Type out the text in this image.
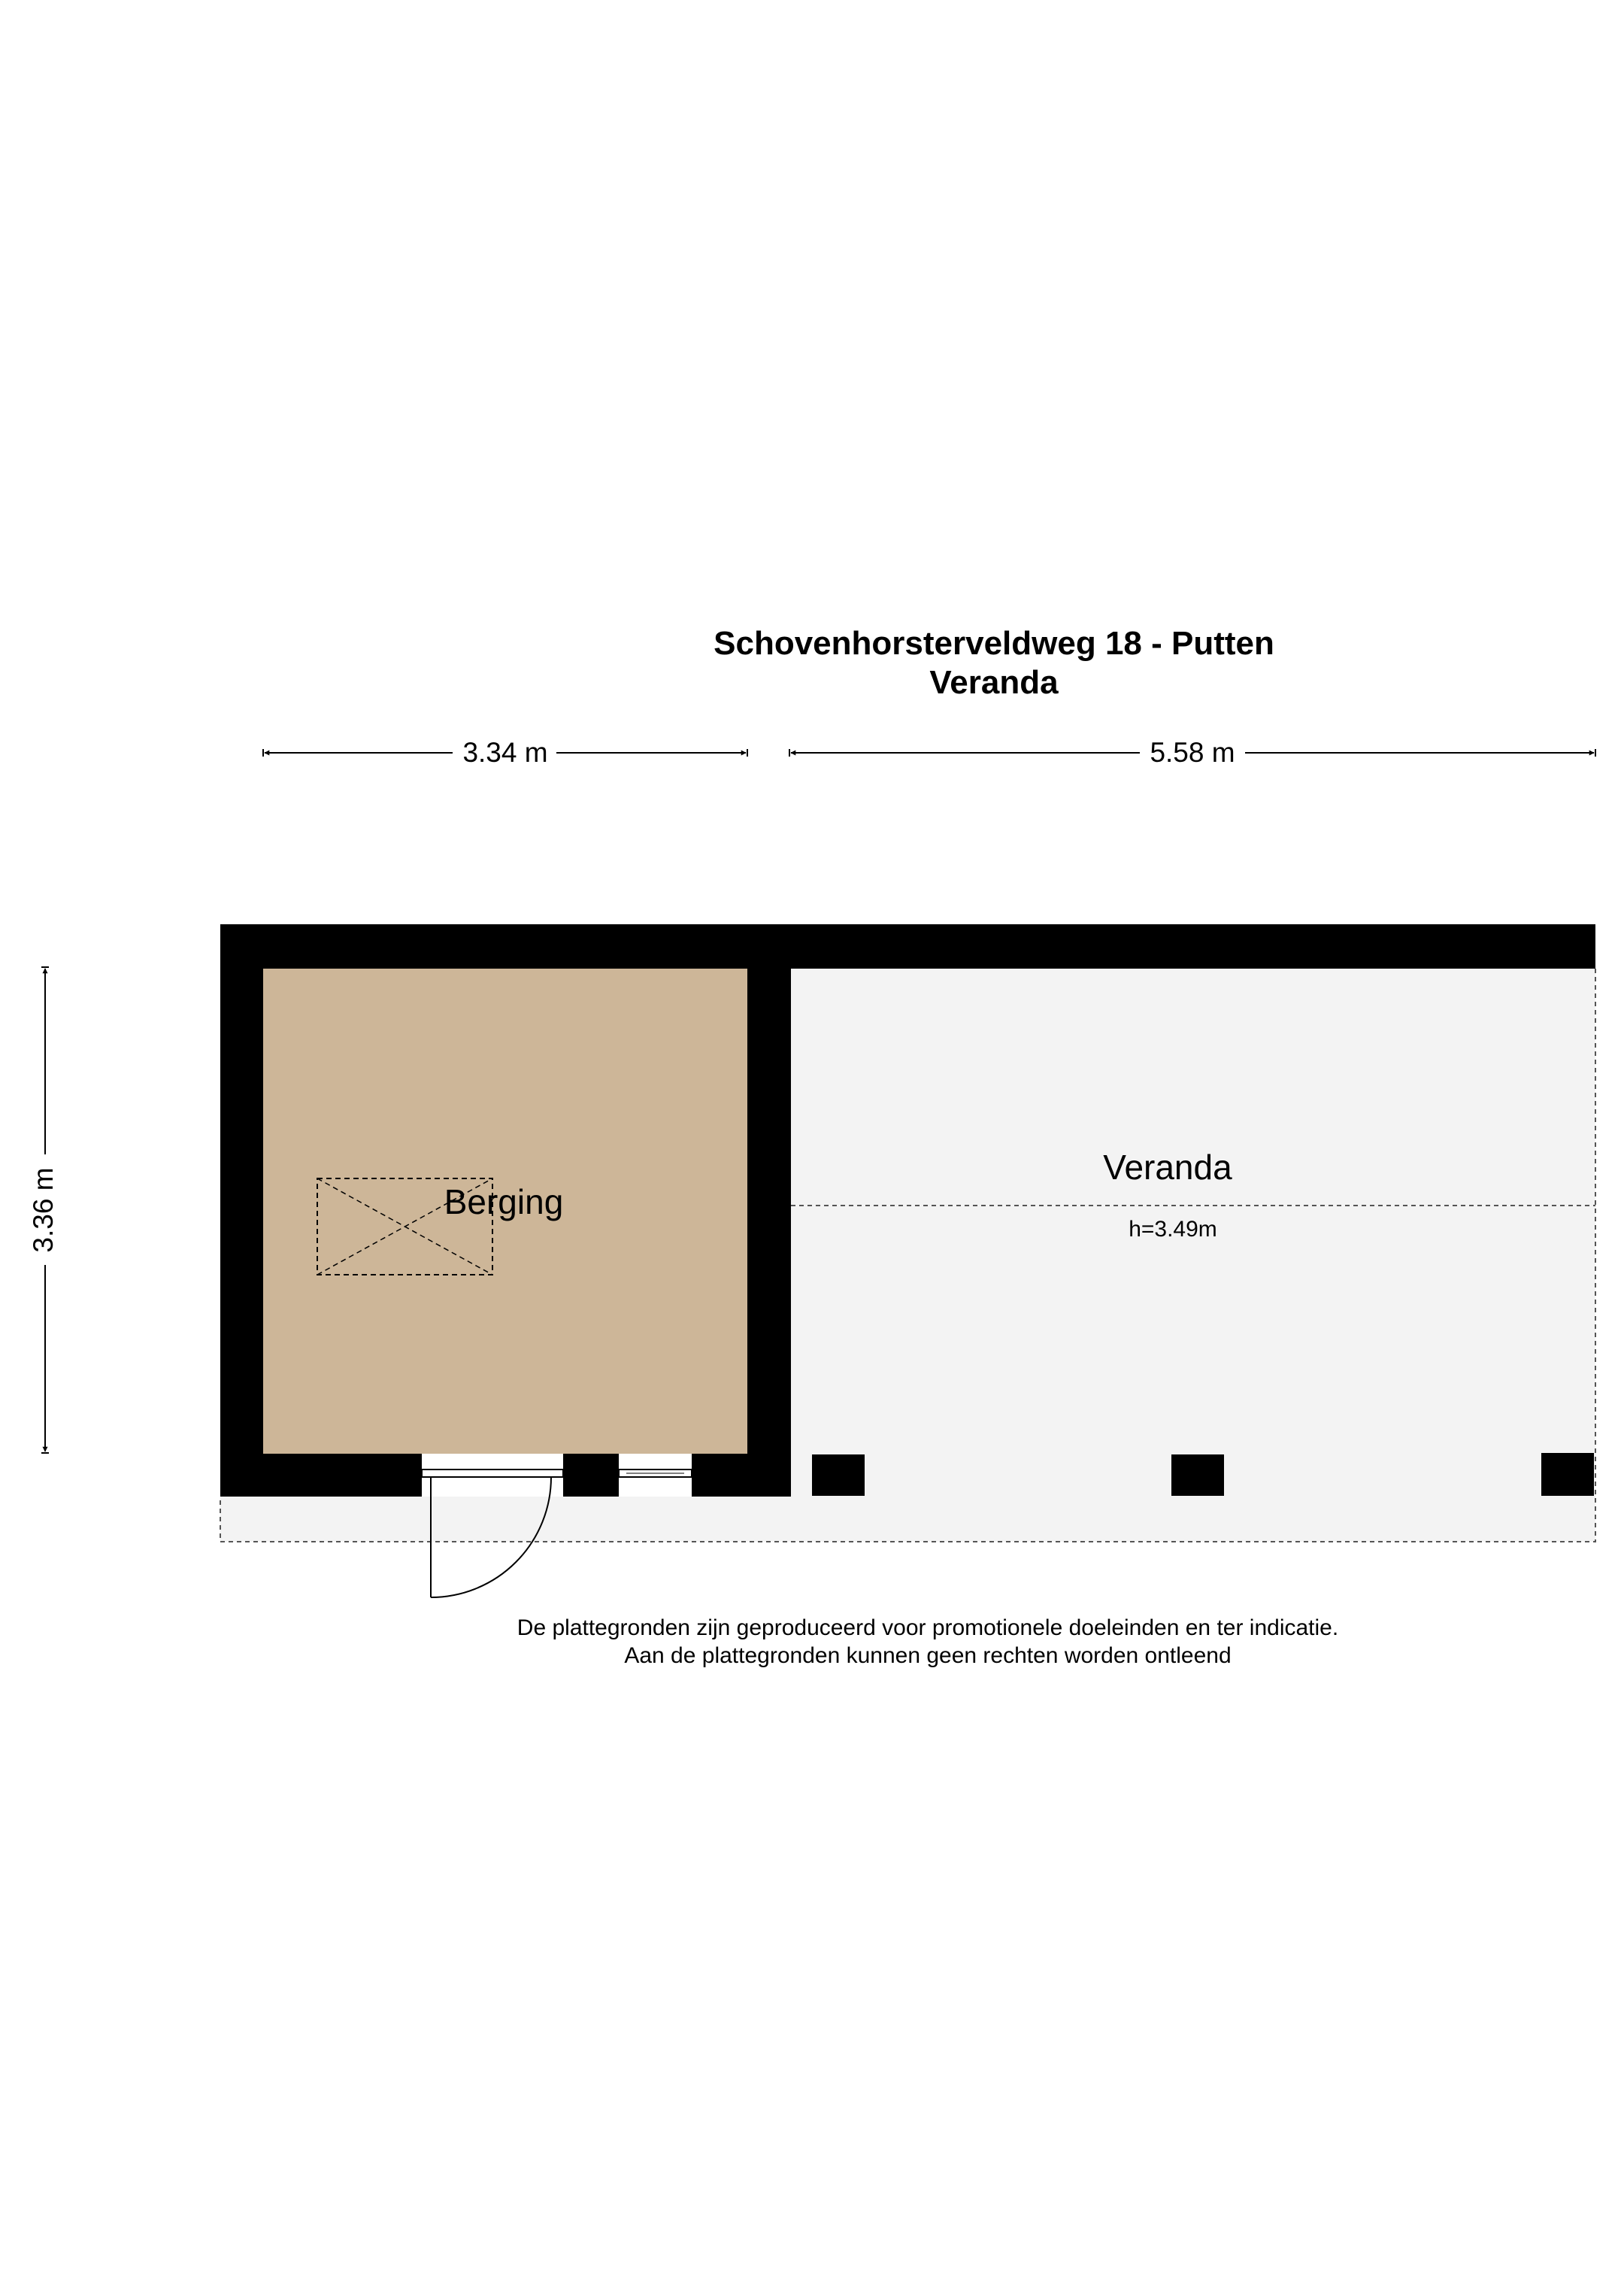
Schovenhorsterveldweg 18 - Putten
Veranda
3.34 m	5.58 m
3.36 m	Berging
Veranda
h=3.49m
De plattegronden zijn geproduceerd voor promotionele doeleinden en ter indicatie.
Aan de plattegronden kunnen geen rechten worden ontleend
